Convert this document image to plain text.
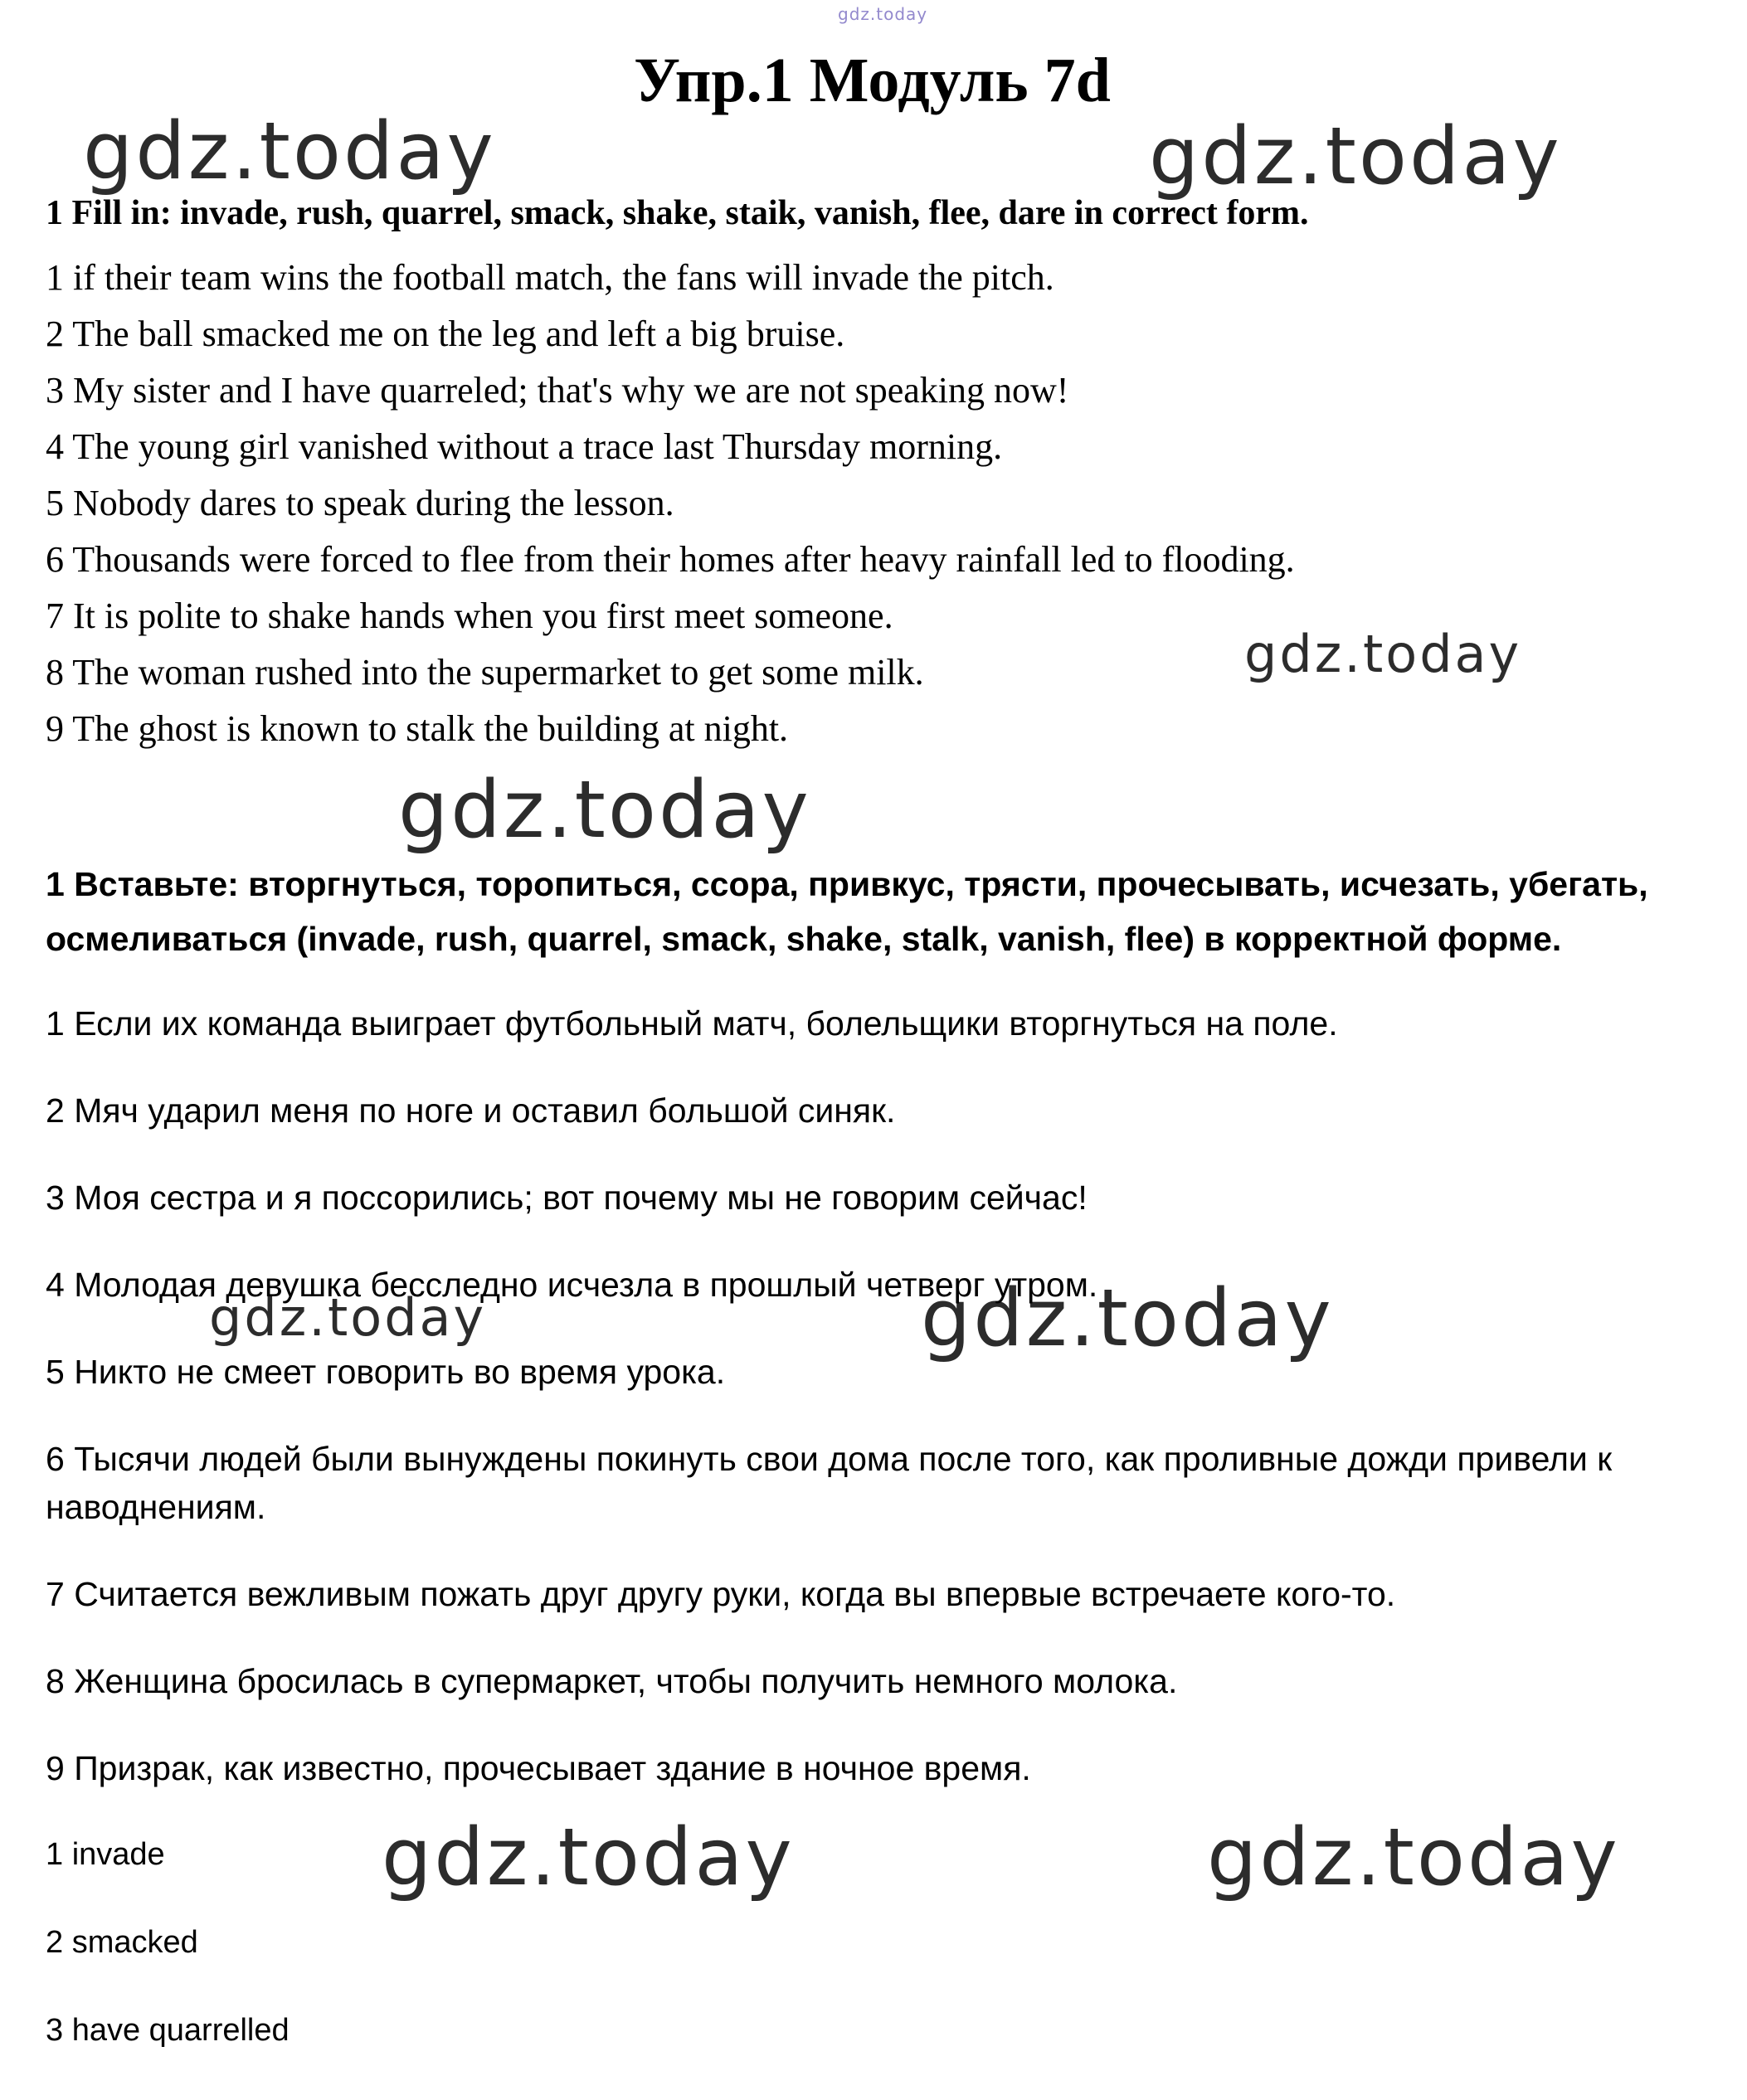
gdz.today
gdz.today	gdz.today
gdz.today
gdz.today
gdz.today	gdz.today
gdz.today	gdz.today
Упр.1 Модуль 7d

1 Fill in: invade, rush, quarrel, smack, shake, staik, vanish, flee, dare in correct form.

1 if their team wins the football match, the fans will invade the pitch.

2 The ball smacked me on the leg and left a big bruise.

3 My sister and I have quarreled; that's why we are not speaking now!

4 The young girl vanished without a trace last Thursday morning.

5 Nobody dares to speak during the lesson.

6 Thousands were forced to flee from their homes after heavy rainfall led to flooding.

7 It is polite to shake hands when you first meet someone.

8 The woman rushed into the supermarket to get some milk.

9 The ghost is known to stalk the building at night.

1 Вставьте: вторгнуться, торопиться, ссора, привкус, трясти, прочесывать, исчезать, убегать, осмеливаться (invade, rush, quarrel, smack, shake, stalk, vanish, flee) в корректной форме.

1 Если их команда выиграет футбольный матч, болельщики вторгнуться на поле.

2 Мяч ударил меня по ноге и оставил большой синяк.

3 Моя сестра и я поссорились; вот почему мы не говорим сейчас!

4 Молодая девушка бесследно исчезла в прошлый четверг утром.

5 Никто не смеет говорить во время урока.

6 Тысячи людей были вынуждены покинуть свои дома после того, как проливные дожди привели к наводнениям.

7 Считается вежливым пожать друг другу руки, когда вы впервые встречаете кого-то.

8 Женщина бросилась в супермаркет, чтобы получить немного молока.

9 Призрак, как известно, прочесывает здание в ночное время.

1 invade

2 smacked

3 have quarrelled
